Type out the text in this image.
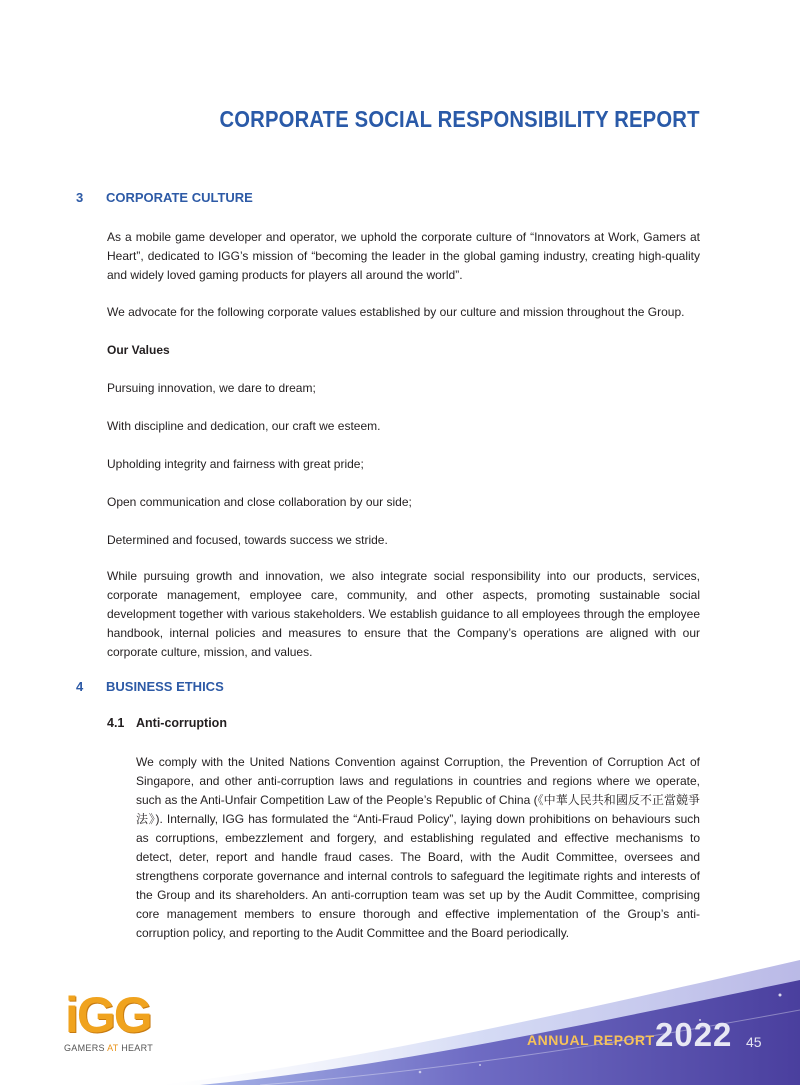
CORPORATE SOCIAL RESPONSIBILITY REPORT
3 CORPORATE CULTURE
As a mobile game developer and operator, we uphold the corporate culture of “Innovators at Work, Gamers at Heart”, dedicated to IGG’s mission of “becoming the leader in the global gaming industry, creating high-quality and widely loved gaming products for players all around the world”.
We advocate for the following corporate values established by our culture and mission throughout the Group.
Our Values
Pursuing innovation, we dare to dream;
With discipline and dedication, our craft we esteem.
Upholding integrity and fairness with great pride;
Open communication and close collaboration by our side;
Determined and focused, towards success we stride.
While pursuing growth and innovation, we also integrate social responsibility into our products, services, corporate management, employee care, community, and other aspects, promoting sustainable social development together with various stakeholders. We establish guidance to all employees through the employee handbook, internal policies and measures to ensure that the Company’s operations are aligned with our corporate culture, mission, and values.
4 BUSINESS ETHICS
4.1 Anti-corruption
We comply with the United Nations Convention against Corruption, the Prevention of Corruption Act of Singapore, and other anti-corruption laws and regulations in countries and regions where we operate, such as the Anti-Unfair Competition Law of the People’s Republic of China (《中華人民共和國反不正當競爭法》). Internally, IGG has formulated the “Anti-Fraud Policy”, laying down prohibitions on behaviours such as corruptions, embezzlement and forgery, and establishing regulated and effective mechanisms to detect, deter, report and handle fraud cases. The Board, with the Audit Committee, oversees and strengthens corporate governance and internal controls to safeguard the legitimate rights and interests of the Group and its shareholders. An anti-corruption team was set up by the Audit Committee, comprising core management members to ensure thorough and effective implementation of the Group’s anti-corruption policy, and reporting to the Audit Committee and the Board periodically.
iGG
GAMERS AT HEART	ANNUAL REPORT 2022 45
